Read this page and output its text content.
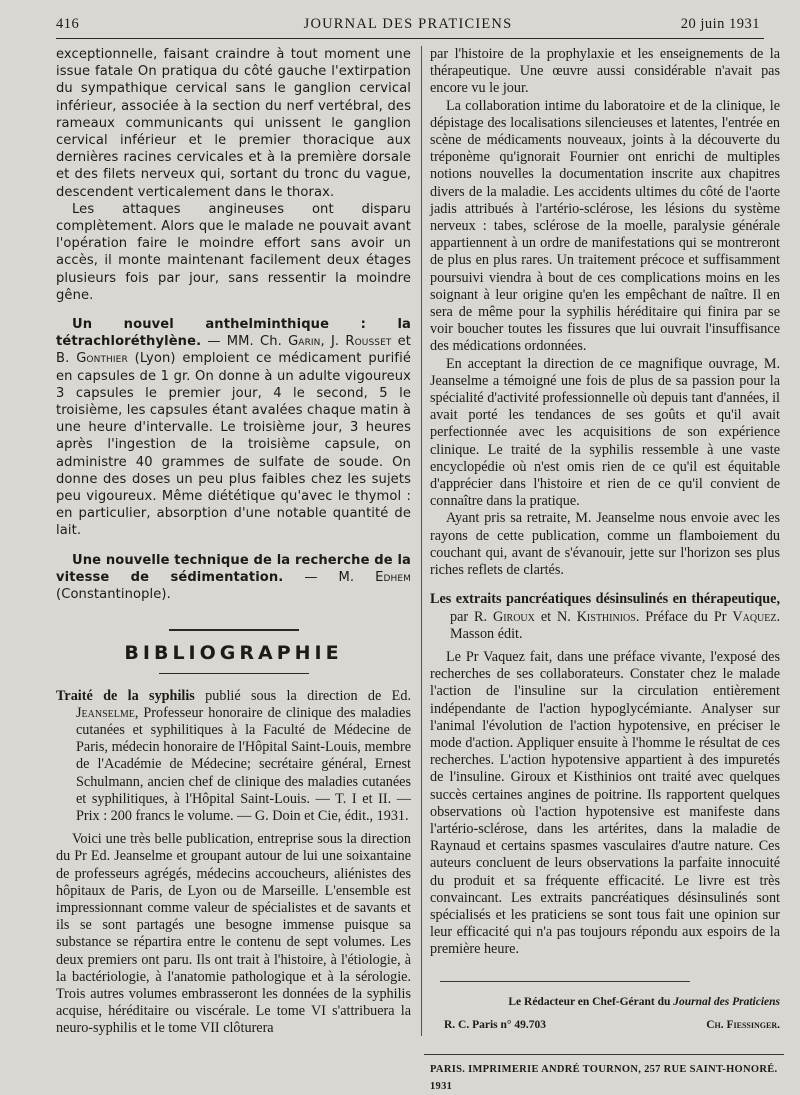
416	JOURNAL DES PRATICIENS	20 juin 1931

exceptionnelle, faisant craindre à tout moment une issue fatale On pratiqua du côté gauche l'extirpation du sympathique cervical sans le ganglion cervical inférieur, associée à la section du nerf vertébral, des rameaux communicants qui unissent le ganglion cervical inférieur et le premier thoracique aux dernières racines cervicales et à la première dorsale et des filets nerveux qui, sortant du tronc du vague, descendent verticalement dans le thorax.

Les attaques angineuses ont disparu complètement. Alors que le malade ne pouvait avant l'opération faire le moindre effort sans avoir un accès, il monte maintenant facilement deux étages plusieurs fois par jour, sans ressentir la moindre gêne.

Un nouvel anthelminthique : la tétrachloréthylène. — MM. Ch. Garin, J. Rousset et B. Gonthier (Lyon) emploient ce médicament purifié en capsules de 1 gr. On donne à un adulte vigoureux 3 capsules le premier jour, 4 le second, 5 le troisième, les capsules étant avalées chaque matin à une heure d'intervalle. Le troisième jour, 3 heures après l'ingestion de la troisième capsule, on administre 40 grammes de sulfate de soude. On donne des doses un peu plus faibles chez les sujets peu vigoureux. Même diététique qu'avec le thymol : en particulier, absorption d'une notable quantité de lait.

Une nouvelle technique de la recherche de la vitesse de sédimentation. — M. Edhem (Constantinople).

BIBLIOGRAPHIE

Traité de la syphilis publié sous la direction de Ed. Jeanselme, Professeur honoraire de clinique des maladies cutanées et syphilitiques à la Faculté de Médecine de Paris, médecin honoraire de l'Hôpital Saint-Louis, membre de l'Académie de Médecine; secrétaire général, Ernest Schulmann, ancien chef de clinique des maladies cutanées et syphilitiques, à l'Hôpital Saint-Louis. — T. I et II. — Prix : 200 francs le volume. — G. Doin et Cie, édit., 1931.

Voici une très belle publication, entreprise sous la direction du Pr Ed. Jeanselme et groupant autour de lui une soixantaine de professeurs agrégés, médecins accoucheurs, aliénistes des hôpitaux de Paris, de Lyon ou de Marseille. L'ensemble est impressionnant comme valeur de spécialistes et de savants et ils se sont partagés une besogne immense puisque sa substance se répartira entre le contenu de sept volumes. Les deux premiers ont paru. Ils ont trait à l'histoire, à l'étiologie, à la bactériologie, à l'anatomie pathologique et à la sérologie. Trois autres volumes embrasseront les données de la syphilis acquise, héréditaire ou viscérale. Le tome VI s'attribuera la neuro-syphilis et le tome VII clôturera

par l'histoire de la prophylaxie et les enseignements de la thérapeutique. Une œuvre aussi considérable n'avait pas encore vu le jour.

La collaboration intime du laboratoire et de la clinique, le dépistage des localisations silencieuses et latentes, l'entrée en scène de médicaments nouveaux, joints à la découverte du tréponème qu'ignorait Fournier ont enrichi de multiples notions nouvelles la documentation inscrite aux chapitres divers de la maladie. Les accidents ultimes du côté de l'aorte jadis attribués à l'artério-sclérose, les lésions du système nerveux : tabes, sclérose de la moelle, paralysie générale appartiennent à un ordre de manifestations qui se montreront de plus en plus rares. Un traitement précoce et suffisamment poursuivi viendra à bout de ces complications moins en les soignant à leur origine qu'en les empêchant de naître. Il en sera de même pour la syphilis héréditaire qui finira par se voir boucher toutes les fissures que lui ouvrait l'insuffisance des médications ordonnées.

En acceptant la direction de ce magnifique ouvrage, M. Jeanselme a témoigné une fois de plus de sa passion pour la spécialité d'activité professionnelle où depuis tant d'années, il avait porté les tendances de ses goûts et qu'il avait perfectionnée avec les acquisitions de son expérience clinique. Le traité de la syphilis ressemble à une vaste encyclopédie où n'est omis rien de ce qu'il est équitable d'apprécier dans l'histoire et rien de ce qu'il convient de connaître dans la pratique.

Ayant pris sa retraite, M. Jeanselme nous envoie avec les rayons de cette publication, comme un flamboiement du couchant qui, avant de s'évanouir, jette sur l'horizon ses plus riches reflets de clartés.

Les extraits pancréatiques désinsulinés en thérapeutique, par R. Giroux et N. Kisthinios. Préface du Pr Vaquez. Masson édit.

Le Pr Vaquez fait, dans une préface vivante, l'exposé des recherches de ses collaborateurs. Constater chez le malade l'action de l'insuline sur la circulation entièrement indépendante de l'action hypoglycémiante. Analyser sur l'animal l'évolution de l'action hypotensive, en préciser le mode d'action. Appliquer ensuite à l'homme le résultat de ces recherches. L'action hypotensive appartient à des impuretés de l'insuline. Giroux et Kisthinios ont traité avec quelques succès certaines angines de poitrine. Ils rapportent quelques observations où l'action hypotensive est manifeste dans l'artério-sclérose, dans les artérites, dans la maladie de Raynaud et certains spasmes vasculaires d'autre nature. Ces auteurs concluent de leurs observations la parfaite innocuité du produit et sa fréquente efficacité. Le livre est très convaincant. Les extraits pancréatiques désinsulinés sont spécialisés et les praticiens se sont tous fait une opinion sur leur efficacité qui n'a pas toujours répondu aux espoirs de la première heure.

Le Rédacteur en Chef-Gérant du Journal des Praticiens

R. C. Paris n° 49.703	Ch. Fiessinger.

PARIS. IMPRIMERIE ANDRÉ TOURNON, 257 RUE SAINT-HONORÉ. 1931
